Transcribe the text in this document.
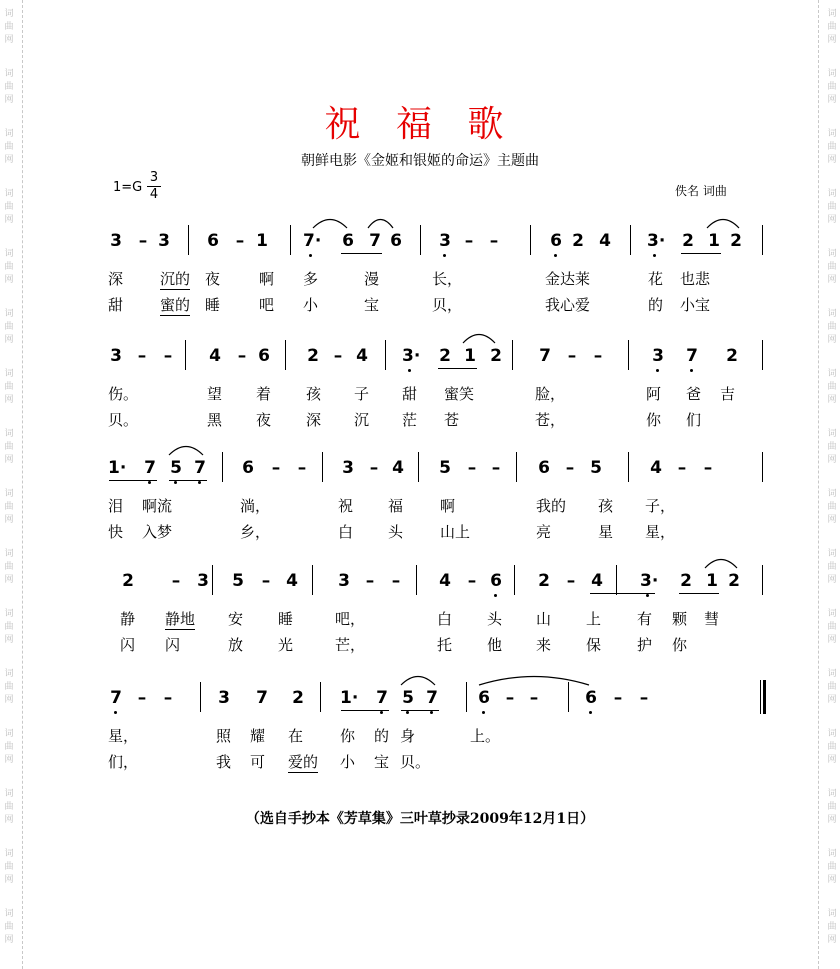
词
曲
网
词
曲
网
词
曲
网
词
曲
网
词
曲
网
词
曲
网
词
曲
网
词
曲
网
词
曲
网
词
曲
网
词
曲
网
词
曲
网
词
曲
网
词
曲
网
词
曲
网
词
曲
网
词
曲
网
词
曲
网
词
曲
网
词
曲
网
词
曲
网
词
曲
网
词
曲
网
词
曲
网
词
曲
网
词
曲
网
词
曲
网
词
曲
网
词
曲
网
词
曲
网
词
曲
网
词
曲
网
祝 福 歌
朝鲜电影《金姬和银姬的命运》主题曲
$1=G \frac{3}{4}$	佚名 词曲
3 – 3 6 – 1 7· 6 7 6 3 – –	6 2 4 3· 2 1 2
深 沉的 夜	啊 多	漫	长，	金达莱	花 也悲
甜 蜜的 睡	吧 小	宝	贝，	我心爱	的 小宝
3 – – 4 – 6 2 – 4 3· 2 1 2 7 – –	3 7 2
伤。	望 着 孩 子 甜 蜜笑	脸，	阿 爸 吉
贝。	黑 夜 深 沉 茫 苍	苍，	你 们
1· 7 5 7 6 – – 3 – 4 5 – – 6 – 5	4 – –
泪 啊流	淌，	祝 福 啊	我的 孩 子，
快 入梦	乡，	白 头 山上	亮	星 星，
2 – 3 5 – 4 3 – – 4 – 6 2 – 4 3· 2 1 2
静 静地 安 睡	吧，	白 头 山 上 有 颗 彗
闪 闪	放 光	芒，	托 他 来 保 护 你
7 – –	3 7 2 1· 7 5 7 6 – –	6 – –
星，	照 耀 在 你 的 身	上。
们，	我 可 爱的 小 宝 贝。
（选自手抄本《芳草集》三叶草抄录2009年12月1日）
